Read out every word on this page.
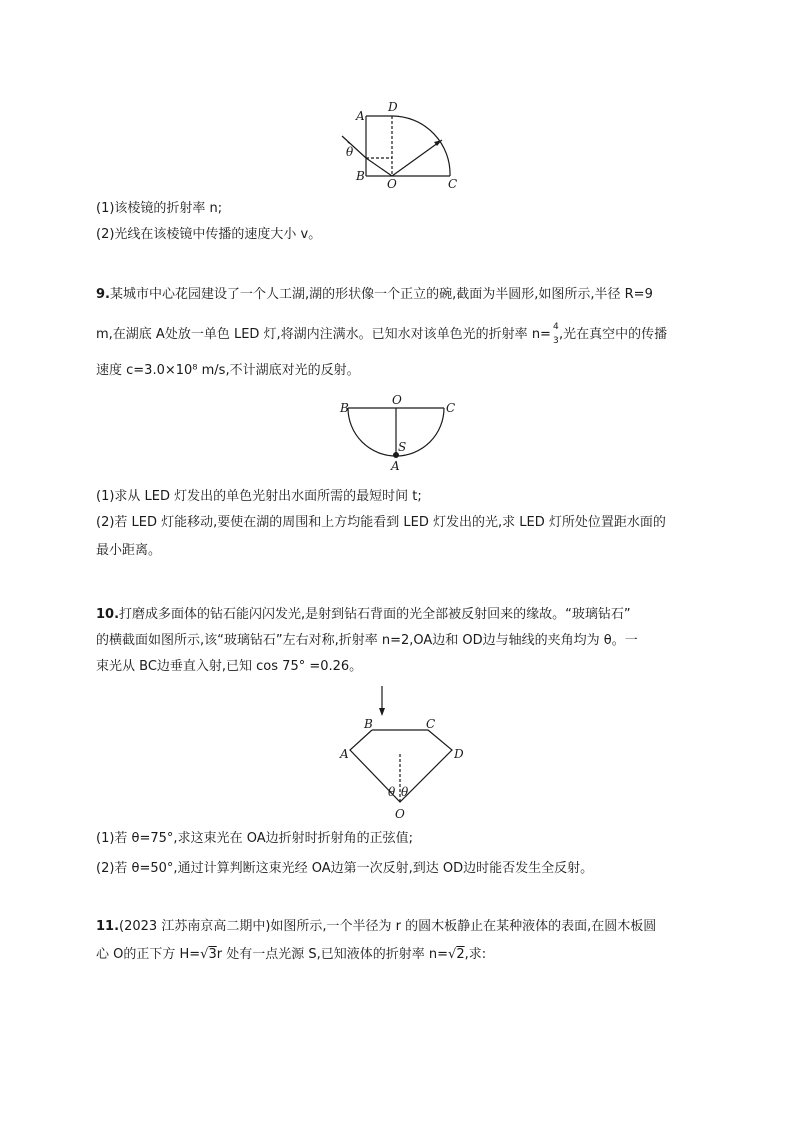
A
D
θ
B
O	C
(1)该棱镜的折射率 n;
(2)光线在该棱镜中传播的速度大小 v。
9.某城市中心花园建设了一个人工湖,湖的形状像一个正立的碗,截面为半圆形,如图所示,半径 R=9
m,在湖底 A处放一单色 LED 灯,将湖内注满水。已知水对该单色光的折射率 n=
4
3 ,光在真空中的传播
速度 c=3.0×10⁸ m/s,不计湖底对光的反射。
B
O
C
S
A
(1)求从 LED 灯发出的单色光射出水面所需的最短时间 t;
(2)若 LED 灯能移动,要使在湖的周围和上方均能看到 LED 灯发出的光,求 LED 灯所处位置距水面的
最小距离。
10.打磨成多面体的钻石能闪闪发光,是射到钻石背面的光全部被反射回来的缘故。“玻璃钻石”
的横截面如图所示,该“玻璃钻石”左右对称,折射率 n=2,OA边和 OD边与轴线的夹角均为 θ。一
束光从 BC边垂直入射,已知 cos 75° =0.26。
B	C
A	D
θ θ
O
(1)若 θ=75°,求这束光在 OA边折射时折射角的正弦值;
(2)若 θ=50°,通过计算判断这束光经 OA边第一次反射,到达 OD边时能否发生全反射。
11.(2023 江苏南京高二期中)如图所示,一个半径为 r 的圆木板静止在某种液体的表面,在圆木板圆
心 O的正下方 H=√3r 处有一点光源 S,已知液体的折射率 n=√2,求:
